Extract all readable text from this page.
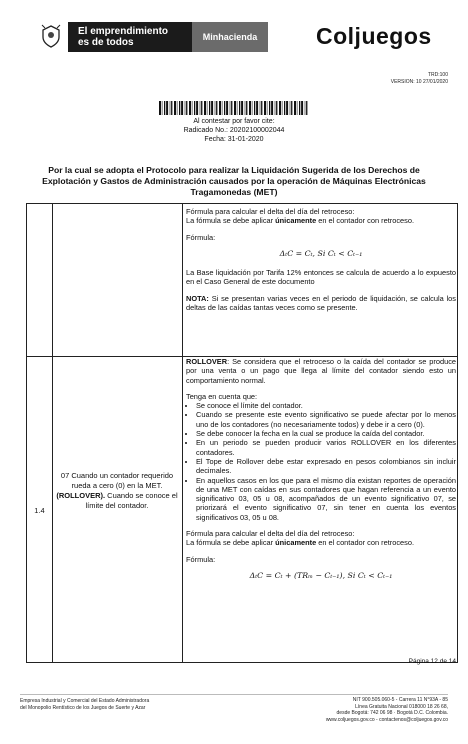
El emprendimiento
es de todos	Minhacienda	Coljuegos
TRD:100
VERSION: 10 27/01/2020
Al contestar por favor cite:
Radicado No.: 20202100002044
Fecha: 31-01-2020
Por la cual se adopta el Protocolo para realizar la Liquidación Sugerida de los Derechos de Explotación y Gastos de Administración causados por la operación de Máquinas Electrónicas Tragamonedas (MET)

Fórmula para calcular el delta del día del retroceso:

La fórmula se debe aplicar únicamente en el contador con retroceso.

Fórmula:

ΔₜC = Cₜ, Si Cₜ < Cₜ₋₁

La Base liquidación por Tarifa 12% entonces se calcula de acuerdo a lo expuesto en el Caso General de este documento

NOTA: Si se presentan varias veces en el periodo de liquidación, se calcula los deltas de las caídas tantas veces como se presente.

1.4
07 Cuando un contador requerido rueda a cero (0) en la MET. (ROLLOVER). Cuando se conoce el límite del contador.

ROLLOVER: Se considera que el retroceso o la caída del contador se produce por una venta o un pago que llega al límite del contador siendo esto un comportamiento normal.

Tenga en cuenta que:

• Se conoce el límite del contador.
• Cuando se presente este evento significativo se puede afectar por lo menos uno de los contadores (no necesariamente todos) y debe ir a cero (0).
• Se debe conocer la fecha en la cual se produce la caída del contador.
• En un periodo se pueden producir varios ROLLOVER en los diferentes contadores.
• El Tope de Rollover debe estar expresado en pesos colombianos sin incluir decimales.
• En aquellos casos en los que para el mismo día existan reportes de operación de una MET con caídas en sus contadores que hagan referencia a un evento significativo 03, 05 u 08, acompañados de un evento significativo 07, se priorizará el evento significativo 07, sin tener en cuenta los eventos significativos 03, 05 u 08.

Fórmula para calcular el delta del día del retroceso:

La fórmula se debe aplicar únicamente en el contador con retroceso.

Fórmula:

ΔₜC = Cₜ + (TRₘ − Cₜ₋₁), Si Cₜ < Cₜ₋₁
Página 12 de 14
Empresa Industrial y Comercial del Estado Administradora
del Monopolio Rentístico de los Juegos de Suerte y Azar
NIT 900.505.060-5 - Carrera 11 N°93A - 85
Línea Gratuita Nacional 018000 18 26 68,
desde Bogotá: 742 06 98 · Bogotá D.C. Colombia.
www.coljuegos.gov.co - contactenos@coljuegos.gov.co
